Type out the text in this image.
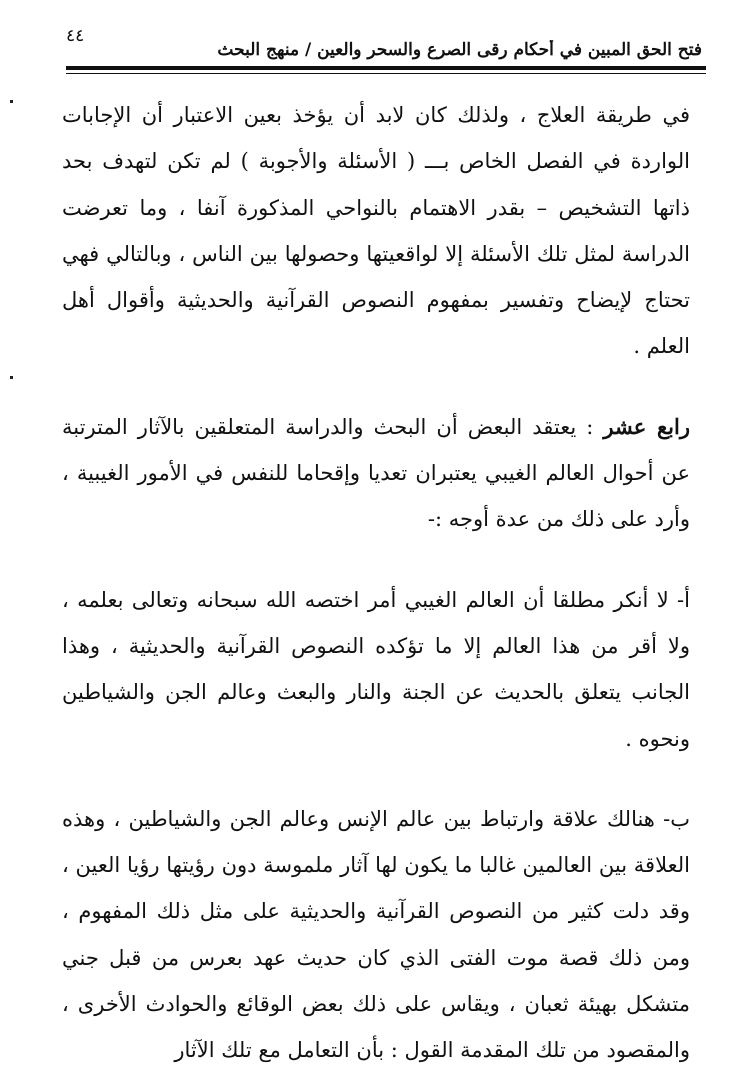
٤٤
فتح الحق المبين في أحكام رقى الصرع والسحر والعين / منهج البحث

في طريقة العلاج ، ولذلك كان لابد أن يؤخذ بعين الاعتبار أن الإجابات الواردة في الفصل الخاص بـــ ( الأسئلة والأجوبة ) لم تكن لتهدف بحد ذاتها التشخيص – بقدر الاهتمام بالنواحي المذكورة آنفا ، وما تعرضت الدراسة لمثل تلك الأسئلة إلا لواقعيتها وحصولها بين الناس ، وبالتالي فهي تحتاج لإيضاح وتفسير بمفهوم النصوص القرآنية والحديثية وأقوال أهل العلم .

رابع عشر : يعتقد البعض أن البحث والدراسة المتعلقين بالآثار المترتبة عن أحوال العالم الغيبي يعتبران تعديا وإقحاما للنفس في الأمور الغيبية ، وأرد على ذلك من عدة أوجه :-

أ- لا أنكر مطلقا أن العالم الغيبي أمر اختصه الله سبحانه وتعالى بعلمه ، ولا أقر من هذا العالم إلا ما تؤكده النصوص القرآنية والحديثية ، وهذا الجانب يتعلق بالحديث عن الجنة والنار والبعث وعالم الجن والشياطين ونحوه .

ب- هنالك علاقة وارتباط بين عالم الإنس وعالم الجن والشياطين ، وهذه العلاقة بين العالمين غالبا ما يكون لها آثار ملموسة دون رؤيتها رؤيا العين ، وقد دلت كثير من النصوص القرآنية والحديثية على مثل ذلك المفهوم ، ومن ذلك قصة موت الفتى الذي كان حديث عهد بعرس من قبل جني متشكل بهيئة ثعبان ، ويقاس على ذلك بعض الوقائع والحوادث الأخرى ، والمقصود من تلك المقدمة القول : بأن التعامل مع تلك الآثار
